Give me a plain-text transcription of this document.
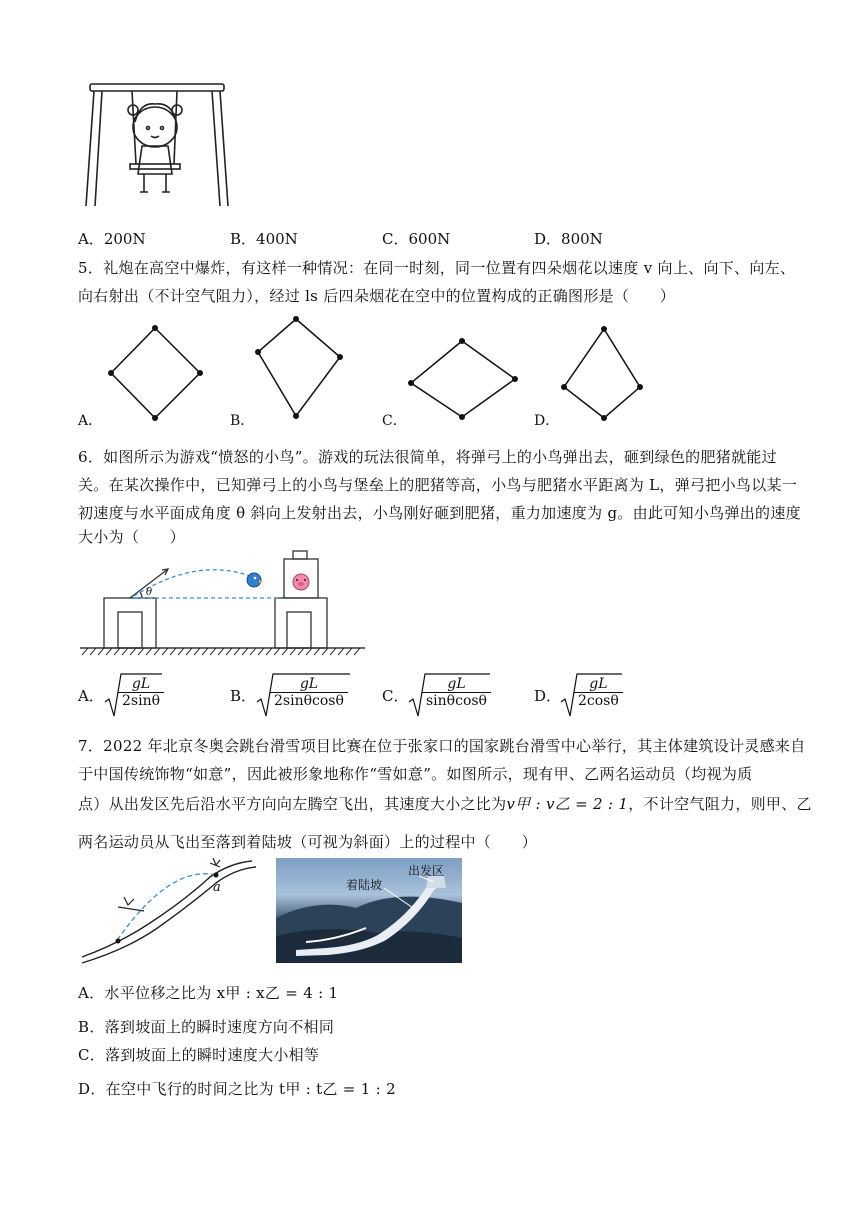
A．200N	B．400N	C．600N	D．800N
5．礼炮在高空中爆炸，有这样一种情况：在同一时刻，同一位置有四朵烟花以速度 v 向上、向下、向左、
向右射出（不计空气阻力），经过 ls 后四朵烟花在空中的位置构成的正确图形是（　　）
A．	B．	C．	D．
6．如图所示为游戏“愤怒的小鸟”。游戏的玩法很简单，将弹弓上的小鸟弹出去，砸到绿色的肥猪就能过
关。在某次操作中，已知弹弓上的小鸟与堡垒上的肥猪等高，小鸟与肥猪水平距离为 L，弹弓把小鸟以某一
初速度与水平面成角度 θ 斜向上发射出去，小鸟刚好砸到肥猪，重力加速度为 g。由此可知小鸟弹出的速度
大小为（　　）
θ
A． $\frac{gL}{2\sin\theta}$	B． $\frac{gL}{2\sin\theta\cos\theta}$ C． $\frac{gL}{\sin\theta\cos\theta}$	D． $\frac{gL}{2\cos\theta}$
7．2022 年北京冬奥会跳台滑雪项目比赛在位于张家口的国家跳台滑雪中心举行，其主体建筑设计灵感来自
于中国传统饰物“如意”，因此被形象地称作“雪如意”。如图所示，现有甲、乙两名运动员（均视为质
点）从出发区先后沿水平方向向左腾空飞出，其速度大小之比为v甲 : v乙 = 2 : 1，不计空气阻力，则甲、乙
两名运动员从飞出至落到着陆坡（可视为斜面）上的过程中（　　）
a
出发区
着陆坡
A．水平位移之比为 x甲 : x乙 = 4 : 1
B．落到坡面上的瞬时速度方向不相同
C．落到坡面上的瞬时速度大小相等
D．在空中飞行的时间之比为 t甲 : t乙 = 1 : 2
